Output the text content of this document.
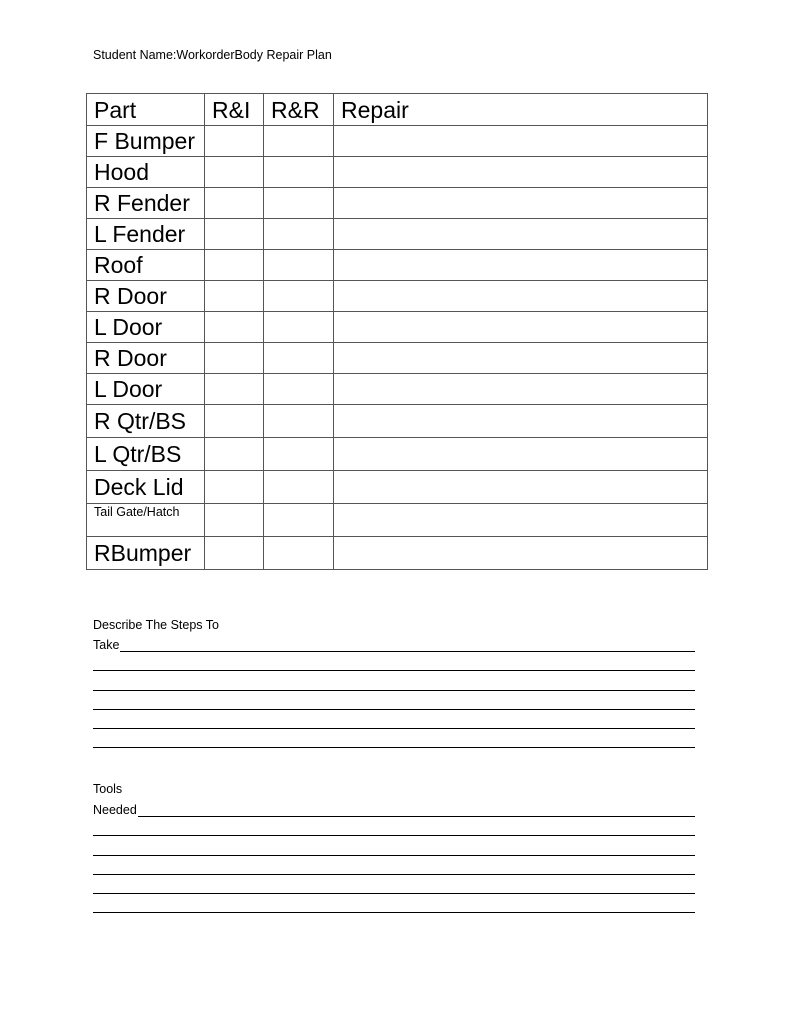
Student Name:WorkorderBody Repair Plan
Part	R&I	R&R	Repair
F Bumper			
Hood			
R Fender			
L Fender			
Roof			
R Door			
L Door			
R Door			
L Door			
R Qtr/BS			
L Qtr/BS			
Deck Lid			
Tail Gate/Hatch			
RBumper			
Describe The Steps To
Take
Tools
Needed
